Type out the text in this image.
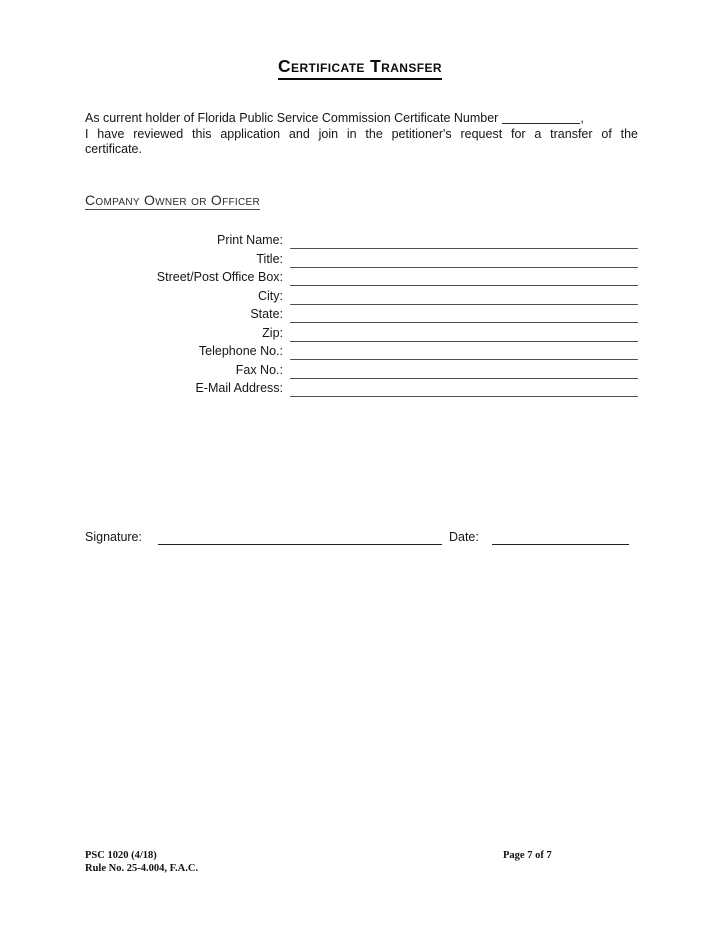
Certificate Transfer
As current holder of Florida Public Service Commission Certificate Number	,
I have reviewed this application and join in the petitioner's request for a transfer of the
certificate.
Company Owner or Officer
Print Name:
Title:
Street/Post Office Box:
City:
State:
Zip:
Telephone No.:
Fax No.:
E-Mail Address:
Signature:	Date:
PSC 1020 (4/18)
Rule No. 25-4.004, F.A.C.
Page 7 of 7
